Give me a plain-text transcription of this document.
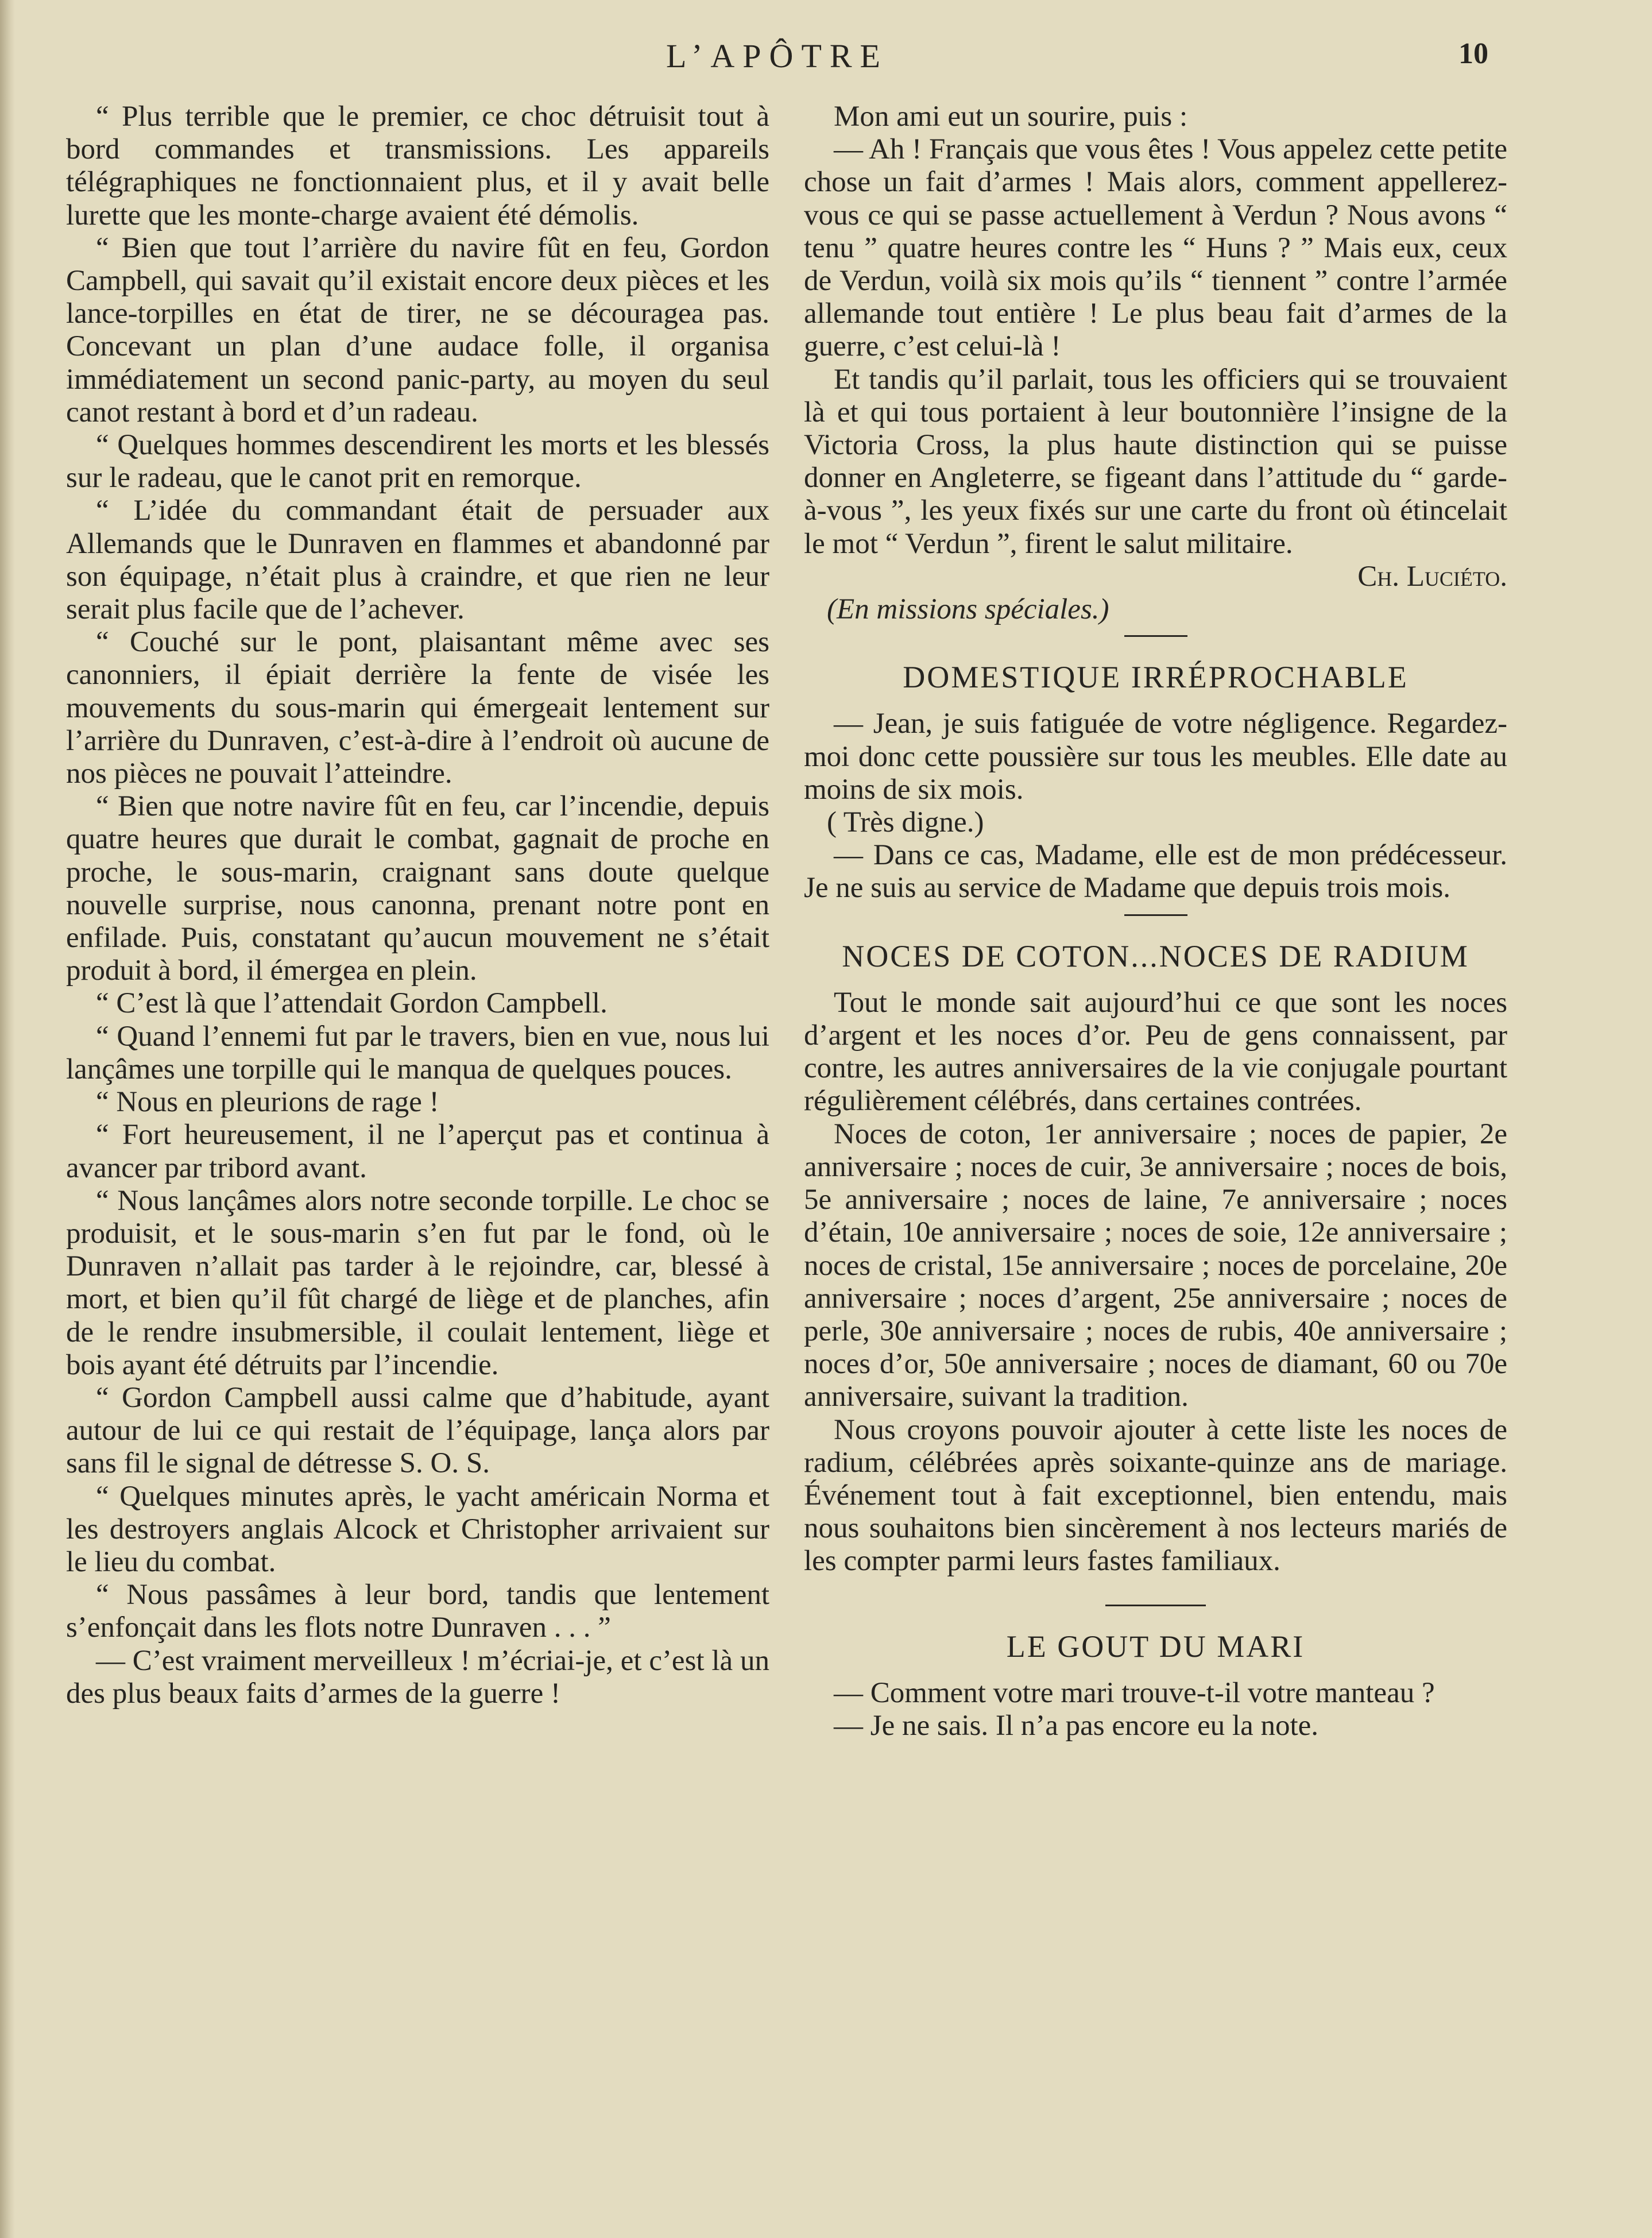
L’APÔTRE	10

“ Plus terrible que le premier, ce choc détruisit tout à bord commandes et transmissions. Les appareils télégraphiques ne fonctionnaient plus, et il y avait belle lurette que les monte-charge avaient été démolis.

“ Bien que tout l’arrière du navire fût en feu, Gordon Campbell, qui savait qu’il existait encore deux pièces et les lance-torpilles en état de tirer, ne se découragea pas. Concevant un plan d’une audace folle, il organisa immédiatement un second panic-party, au moyen du seul canot restant à bord et d’un radeau.

“ Quelques hommes descendirent les morts et les blessés sur le radeau, que le canot prit en remorque.

“ L’idée du commandant était de persuader aux Allemands que le Dunraven en flammes et abandonné par son équipage, n’était plus à craindre, et que rien ne leur serait plus facile que de l’achever.

“ Couché sur le pont, plaisantant même avec ses canonniers, il épiait derrière la fente de visée les mouvements du sous-marin qui émergeait lentement sur l’arrière du Dunraven, c’est-à-dire à l’endroit où aucune de nos pièces ne pouvait l’atteindre.

“ Bien que notre navire fût en feu, car l’incendie, depuis quatre heures que durait le combat, gagnait de proche en proche, le sous-marin, craignant sans doute quelque nouvelle surprise, nous canonna, prenant notre pont en enfilade. Puis, constatant qu’aucun mouvement ne s’était produit à bord, il émergea en plein.

“ C’est là que l’attendait Gordon Campbell.

“ Quand l’ennemi fut par le travers, bien en vue, nous lui lançâmes une torpille qui le manqua de quelques pouces.

“ Nous en pleurions de rage !

“ Fort heureusement, il ne l’aperçut pas et continua à avancer par tribord avant.

“ Nous lançâmes alors notre seconde torpille. Le choc se produisit, et le sous-marin s’en fut par le fond, où le Dunraven n’allait pas tarder à le rejoindre, car, blessé à mort, et bien qu’il fût chargé de liège et de planches, afin de le rendre insubmersible, il coulait lentement, liège et bois ayant été détruits par l’incendie.

“ Gordon Campbell aussi calme que d’habitude, ayant autour de lui ce qui restait de l’équipage, lança alors par sans fil le signal de détresse S. O. S.

“ Quelques minutes après, le yacht américain Norma et les destroyers anglais Alcock et Christopher arrivaient sur le lieu du combat.

“ Nous passâmes à leur bord, tandis que lentement s’enfonçait dans les flots notre Dunraven . . . ”

— C’est vraiment merveilleux ! m’écriai-je, et c’est là un des plus beaux faits d’armes de la guerre !

Mon ami eut un sourire, puis :

— Ah ! Français que vous êtes ! Vous appelez cette petite chose un fait d’armes ! Mais alors, comment appellerez-vous ce qui se passe actuellement à Verdun ? Nous avons “ tenu ” quatre heures contre les “ Huns ? ” Mais eux, ceux de Verdun, voilà six mois qu’ils “ tiennent ” contre l’armée allemande tout entière ! Le plus beau fait d’armes de la guerre, c’est celui-là !

Et tandis qu’il parlait, tous les officiers qui se trouvaient là et qui tous portaient à leur boutonnière l’insigne de la Victoria Cross, la plus haute distinction qui se puisse donner en Angleterre, se figeant dans l’attitude du “ garde-à-vous ”, les yeux fixés sur une carte du front où étincelait le mot “ Verdun ”, firent le salut militaire.

Ch. Luciéto.

(En missions spéciales.)

DOMESTIQUE IRRÉPROCHABLE

— Jean, je suis fatiguée de votre négligence. Regardez-moi donc cette poussière sur tous les meubles. Elle date au moins de six mois.

( Très digne.)

— Dans ce cas, Madame, elle est de mon prédécesseur. Je ne suis au service de Madame que depuis trois mois.

NOCES DE COTON...NOCES DE RADIUM

Tout le monde sait aujourd’hui ce que sont les noces d’argent et les noces d’or. Peu de gens connaissent, par contre, les autres anniversaires de la vie conjugale pourtant régulièrement célébrés, dans certaines contrées.

Noces de coton, 1er anniversaire ; noces de papier, 2e anniversaire ; noces de cuir, 3e anniversaire ; noces de bois, 5e anniversaire ; noces de laine, 7e anniversaire ; noces d’étain, 10e anniversaire ; noces de soie, 12e anniversaire ; noces de cristal, 15e anniversaire ; noces de porcelaine, 20e anniversaire ; noces d’argent, 25e anniversaire ; noces de perle, 30e anniversaire ; noces de rubis, 40e anniversaire ; noces d’or, 50e anniversaire ; noces de diamant, 60 ou 70e anniversaire, suivant la tradition.

Nous croyons pouvoir ajouter à cette liste les noces de radium, célébrées après soixante-quinze ans de mariage. Événement tout à fait exceptionnel, bien entendu, mais nous souhaitons bien sincèrement à nos lecteurs mariés de les compter parmi leurs fastes familiaux.

LE GOUT DU MARI

— Comment votre mari trouve-t-il votre manteau ?

— Je ne sais. Il n’a pas encore eu la note.
